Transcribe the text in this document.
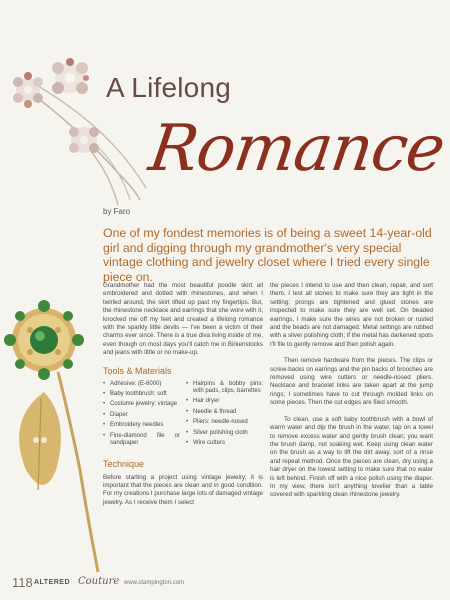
A Lifelong
Romance
by Faro
One of my fondest memories is of being a sweet 14-year-old girl and digging through my grandmother's very special vintage clothing and jewelry closet where I tried every single piece on.

Grandmother had the most beautiful poodle skirt all embroidered and dotted with rhinestones, and when I twirled around, the skirt lifted up past my fingertips. But, the rhinestone necklace and earrings that she wore with it, knocked me off my feet and created a lifelong romance with the sparkly little devils — I've been a victim of their charms ever since. There is a true diva living inside of me, even though on most days you'll catch me in Birkenstocks and jeans with little or no make-up.

Tools & Materials
• Adhesive: (E-6000)
• Baby toothbrush: soft
• Costume jewelry: vintage
• Diaper
• Embroidery needles
• Fine-diamond file or sandpaper
• Hairpins & bobby pins: with pads, clips, barrettes
• Hair dryer
• Needle & thread
• Pliers: needle-nosed
• Silver polishing cloth
• Wire cutters
Technique

Before starting a project using vintage jewelry, it is important that the pieces are clean and in good condition. For my creations I purchase large lots of damaged vintage jewelry. As I receive them I select

the pieces I intend to use and then clean, repair, and sort them. I test all stones to make sure they are tight in the setting; prongs are tightened and glued stones are inspected to make sure they are well set. On beaded earrings, I make sure the wires are not broken or rusted and the beads are not damaged. Metal settings are rubbed with a silver polishing cloth; if the metal has darkened spots I'll file to gently remove and then polish again.

Then remove hardware from the pieces. The clips or screw-backs on earrings and the pin backs of brooches are removed using wire cutters or needle-nosed pliers. Necklace and bracelet links are taken apart at the jump rings; I sometimes have to cut through molded links on some pieces. Then the cut edges are filed smooth.

To clean, use a soft baby toothbrush with a bowl of warm water and dip the brush in the water, tap on a towel to remove excess water and gently brush clean; you want the brush damp, not soaking wet. Keep using clean water on the brush as a way to lift the dirt away, sort of a rinse and repeat method. Once the pieces are clean, dry using a hair dryer on the lowest setting to make sure that no water is left behind. Finish off with a nice polish using the diaper. In my view, there isn't anything lovelier than a table covered with sparkling clean rhinestone jewelry.

118 ALTERED Couture www.stampington.com
